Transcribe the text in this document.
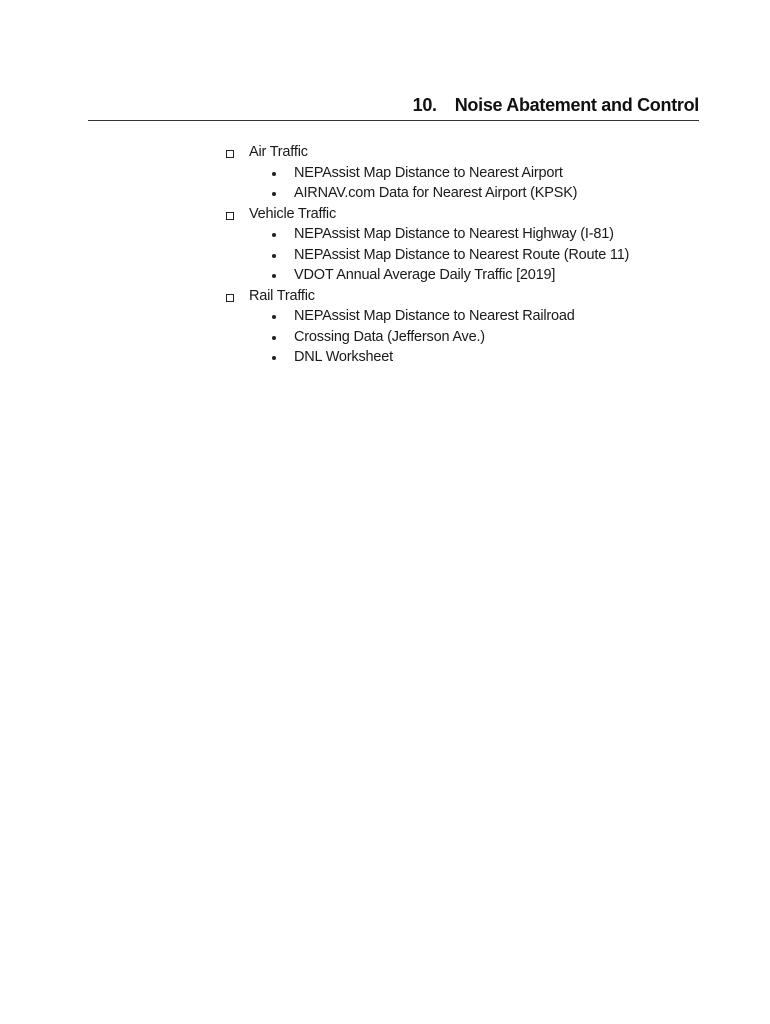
10. Noise Abatement and Control
Air Traffic
NEPAssist Map Distance to Nearest Airport
AIRNAV.com Data for Nearest Airport (KPSK)
Vehicle Traffic
NEPAssist Map Distance to Nearest Highway (I-81)
NEPAssist Map Distance to Nearest Route (Route 11)
VDOT Annual Average Daily Traffic [2019]
Rail Traffic
NEPAssist Map Distance to Nearest Railroad
Crossing Data (Jefferson Ave.)
DNL Worksheet
